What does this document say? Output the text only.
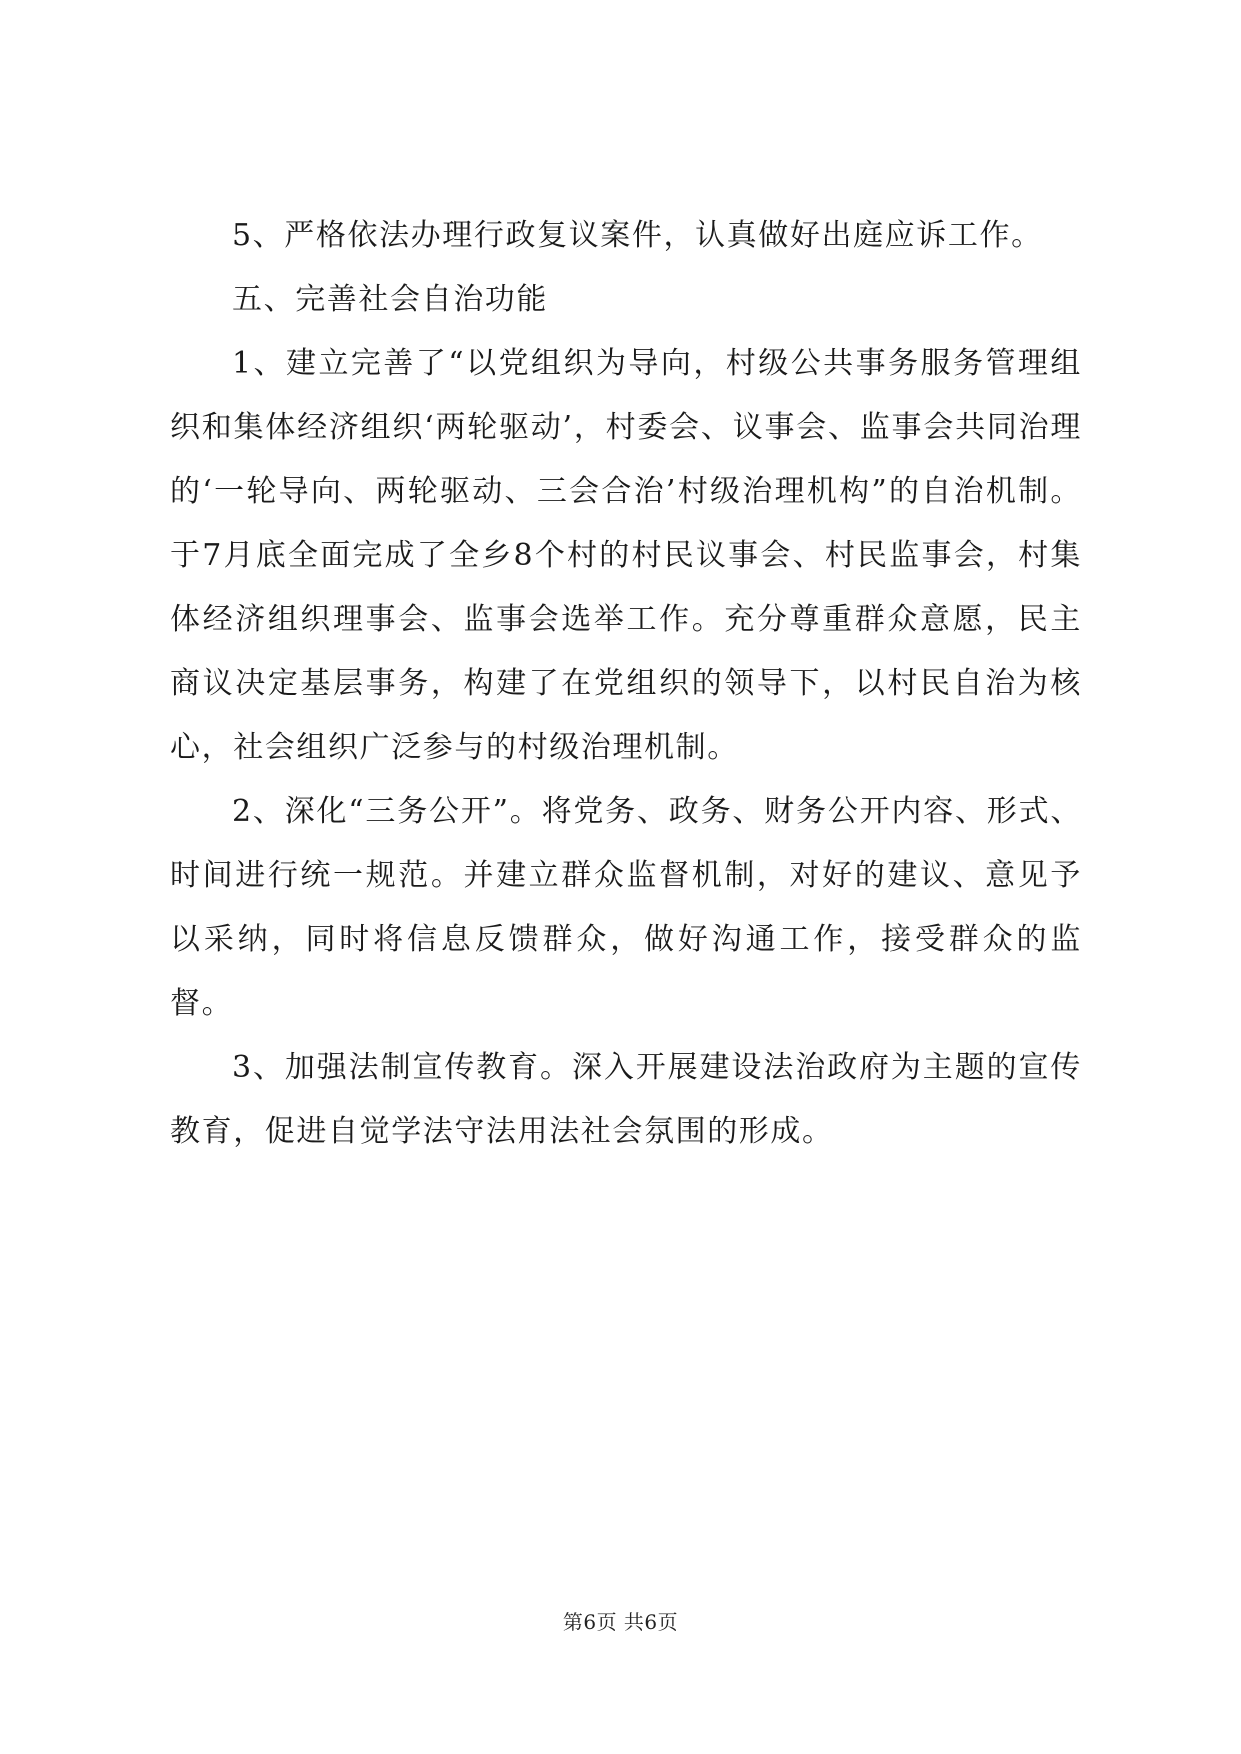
5、严格依法办理行政复议案件，认真做好出庭应诉工作。

五、完善社会自治功能

1、建立完善了“以党组织为导向，村级公共事务服务管理组织和集体经济组织‘两轮驱动’，村委会、议事会、监事会共同治理的‘一轮导向、两轮驱动、三会合治’村级治理机构”的自治机制。于7月底全面完成了全乡8个村的村民议事会、村民监事会，村集体经济组织理事会、监事会选举工作。充分尊重群众意愿，民主商议决定基层事务，构建了在党组织的领导下，以村民自治为核心，社会组织广泛参与的村级治理机制。

2、深化“三务公开”。将党务、政务、财务公开内容、形式、时间进行统一规范。并建立群众监督机制，对好的建议、意见予以采纳，同时将信息反馈群众，做好沟通工作，接受群众的监督。

3、加强法制宣传教育。深入开展建设法治政府为主题的宣传教育，促进自觉学法守法用法社会氛围的形成。

第6页 共6页
